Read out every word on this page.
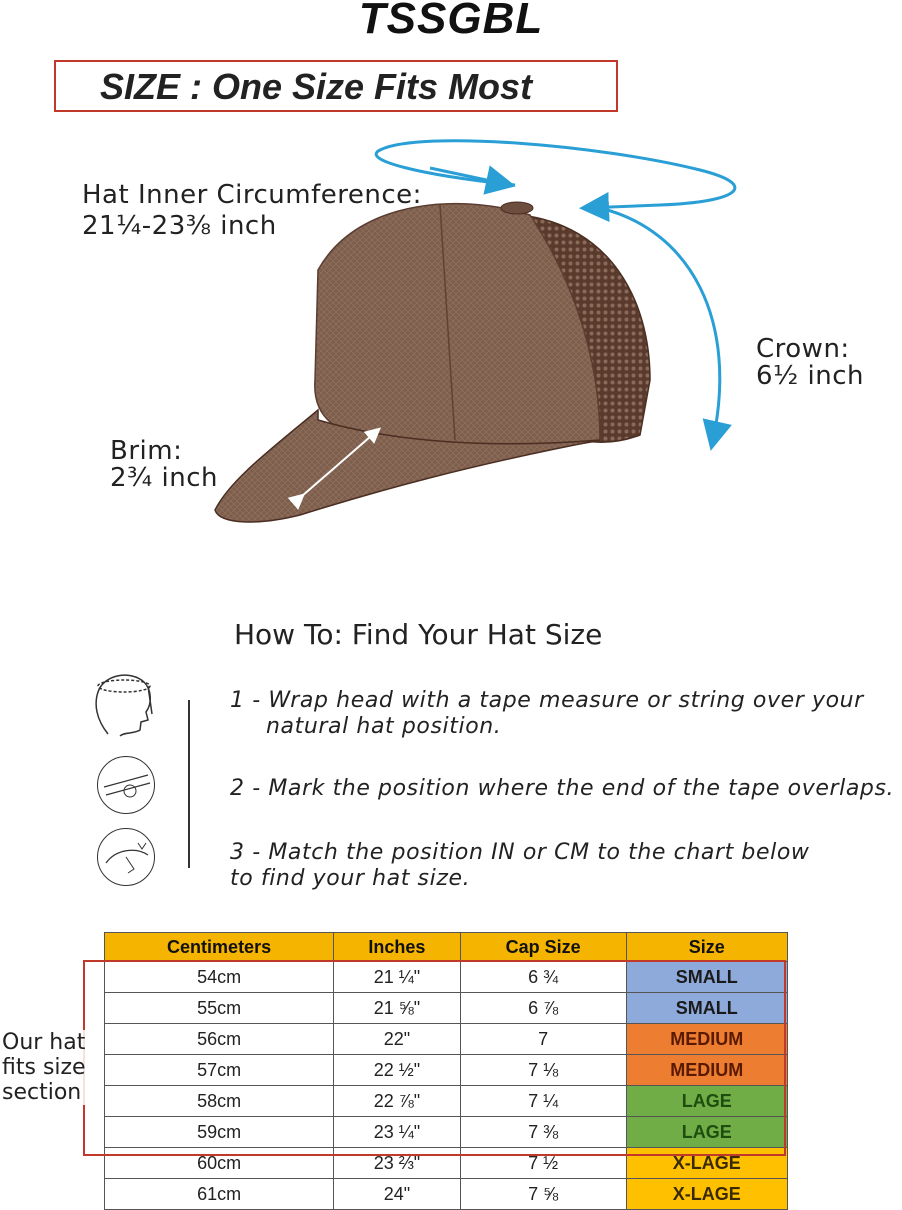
TSSGBL
SIZE : One Size Fits Most
Hat Inner Circumference:
21¼-23⅜ inch
Crown:
6½ inch
Brim:
2¾ inch
How To: Find Your Hat Size
1 - Wrap head with a tape measure or string over your
natural hat position.
2 - Mark the position where the end of the tape overlaps.
3 - Match the position IN or CM to the chart below
to find your hat size.
Centimeters	Inches	Cap Size	Size
54cm	21 ¼"	6 ¾	SMALL
55cm	21 ⅝"	6 ⅞	SMALL
56cm	22"	7	MEDIUM
57cm	22 ½"	7 ⅛	MEDIUM
58cm	22 ⅞"	7 ¼	LAGE
59cm	23 ¼"	7 ⅜	LAGE
60cm	23 ⅔"	7 ½	X-LAGE
61cm	24"	7 ⅝	X-LAGE
Our hat
fits size
section
